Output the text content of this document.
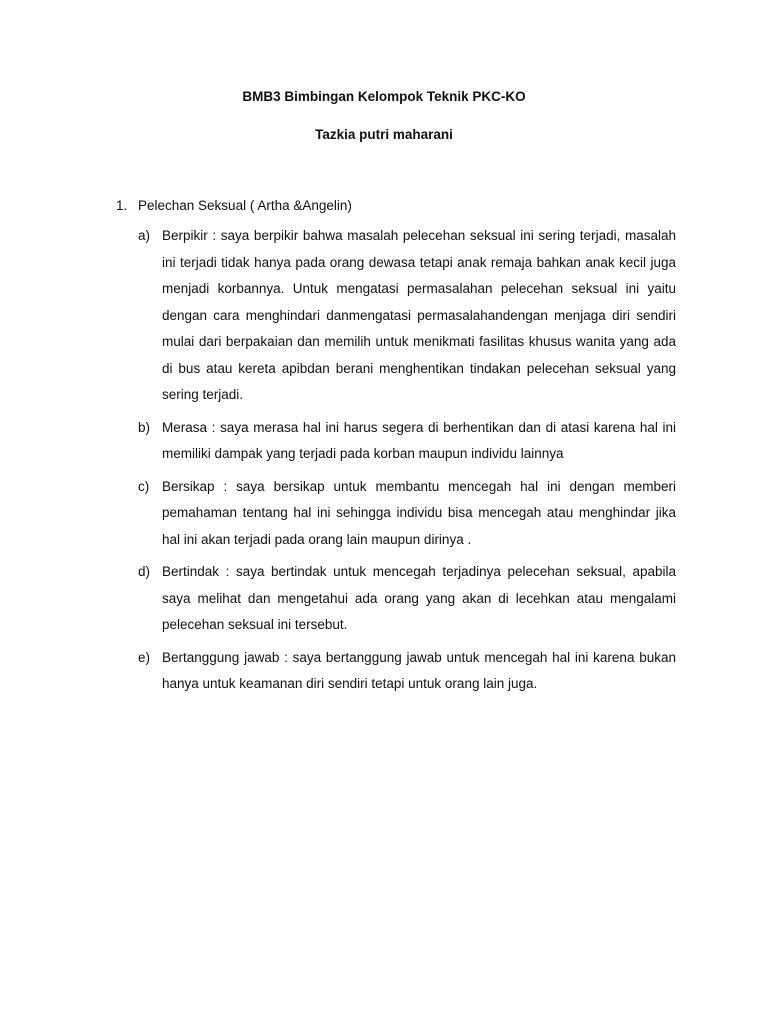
BMB3 Bimbingan Kelompok Teknik PKC-KO
Tazkia putri maharani
1. Pelechan Seksual ( Artha &Angelin)
a) Berpikir : saya berpikir bahwa masalah pelecehan seksual ini sering terjadi, masalah ini terjadi tidak hanya pada orang dewasa tetapi anak remaja bahkan anak kecil juga menjadi korbannya. Untuk mengatasi permasalahan pelecehan seksual ini yaitu dengan cara menghindari danmengatasi permasalahandengan menjaga diri sendiri mulai dari berpakaian dan memilih untuk menikmati fasilitas khusus wanita yang ada di bus atau kereta apibdan berani menghentikan tindakan pelecehan seksual yang sering terjadi.
b) Merasa : saya merasa hal ini harus segera di berhentikan dan di atasi karena hal ini memiliki dampak yang terjadi pada korban maupun individu lainnya
c) Bersikap : saya bersikap untuk membantu mencegah hal ini dengan memberi pemahaman tentang hal ini sehingga individu bisa mencegah atau menghindar jika hal ini akan terjadi pada orang lain maupun dirinya .
d) Bertindak : saya bertindak untuk mencegah terjadinya pelecehan seksual, apabila saya melihat dan mengetahui ada orang yang akan di lecehkan atau mengalami pelecehan seksual ini tersebut.
e) Bertanggung jawab : saya bertanggung jawab untuk mencegah hal ini karena bukan hanya untuk keamanan diri sendiri tetapi untuk orang lain juga.
